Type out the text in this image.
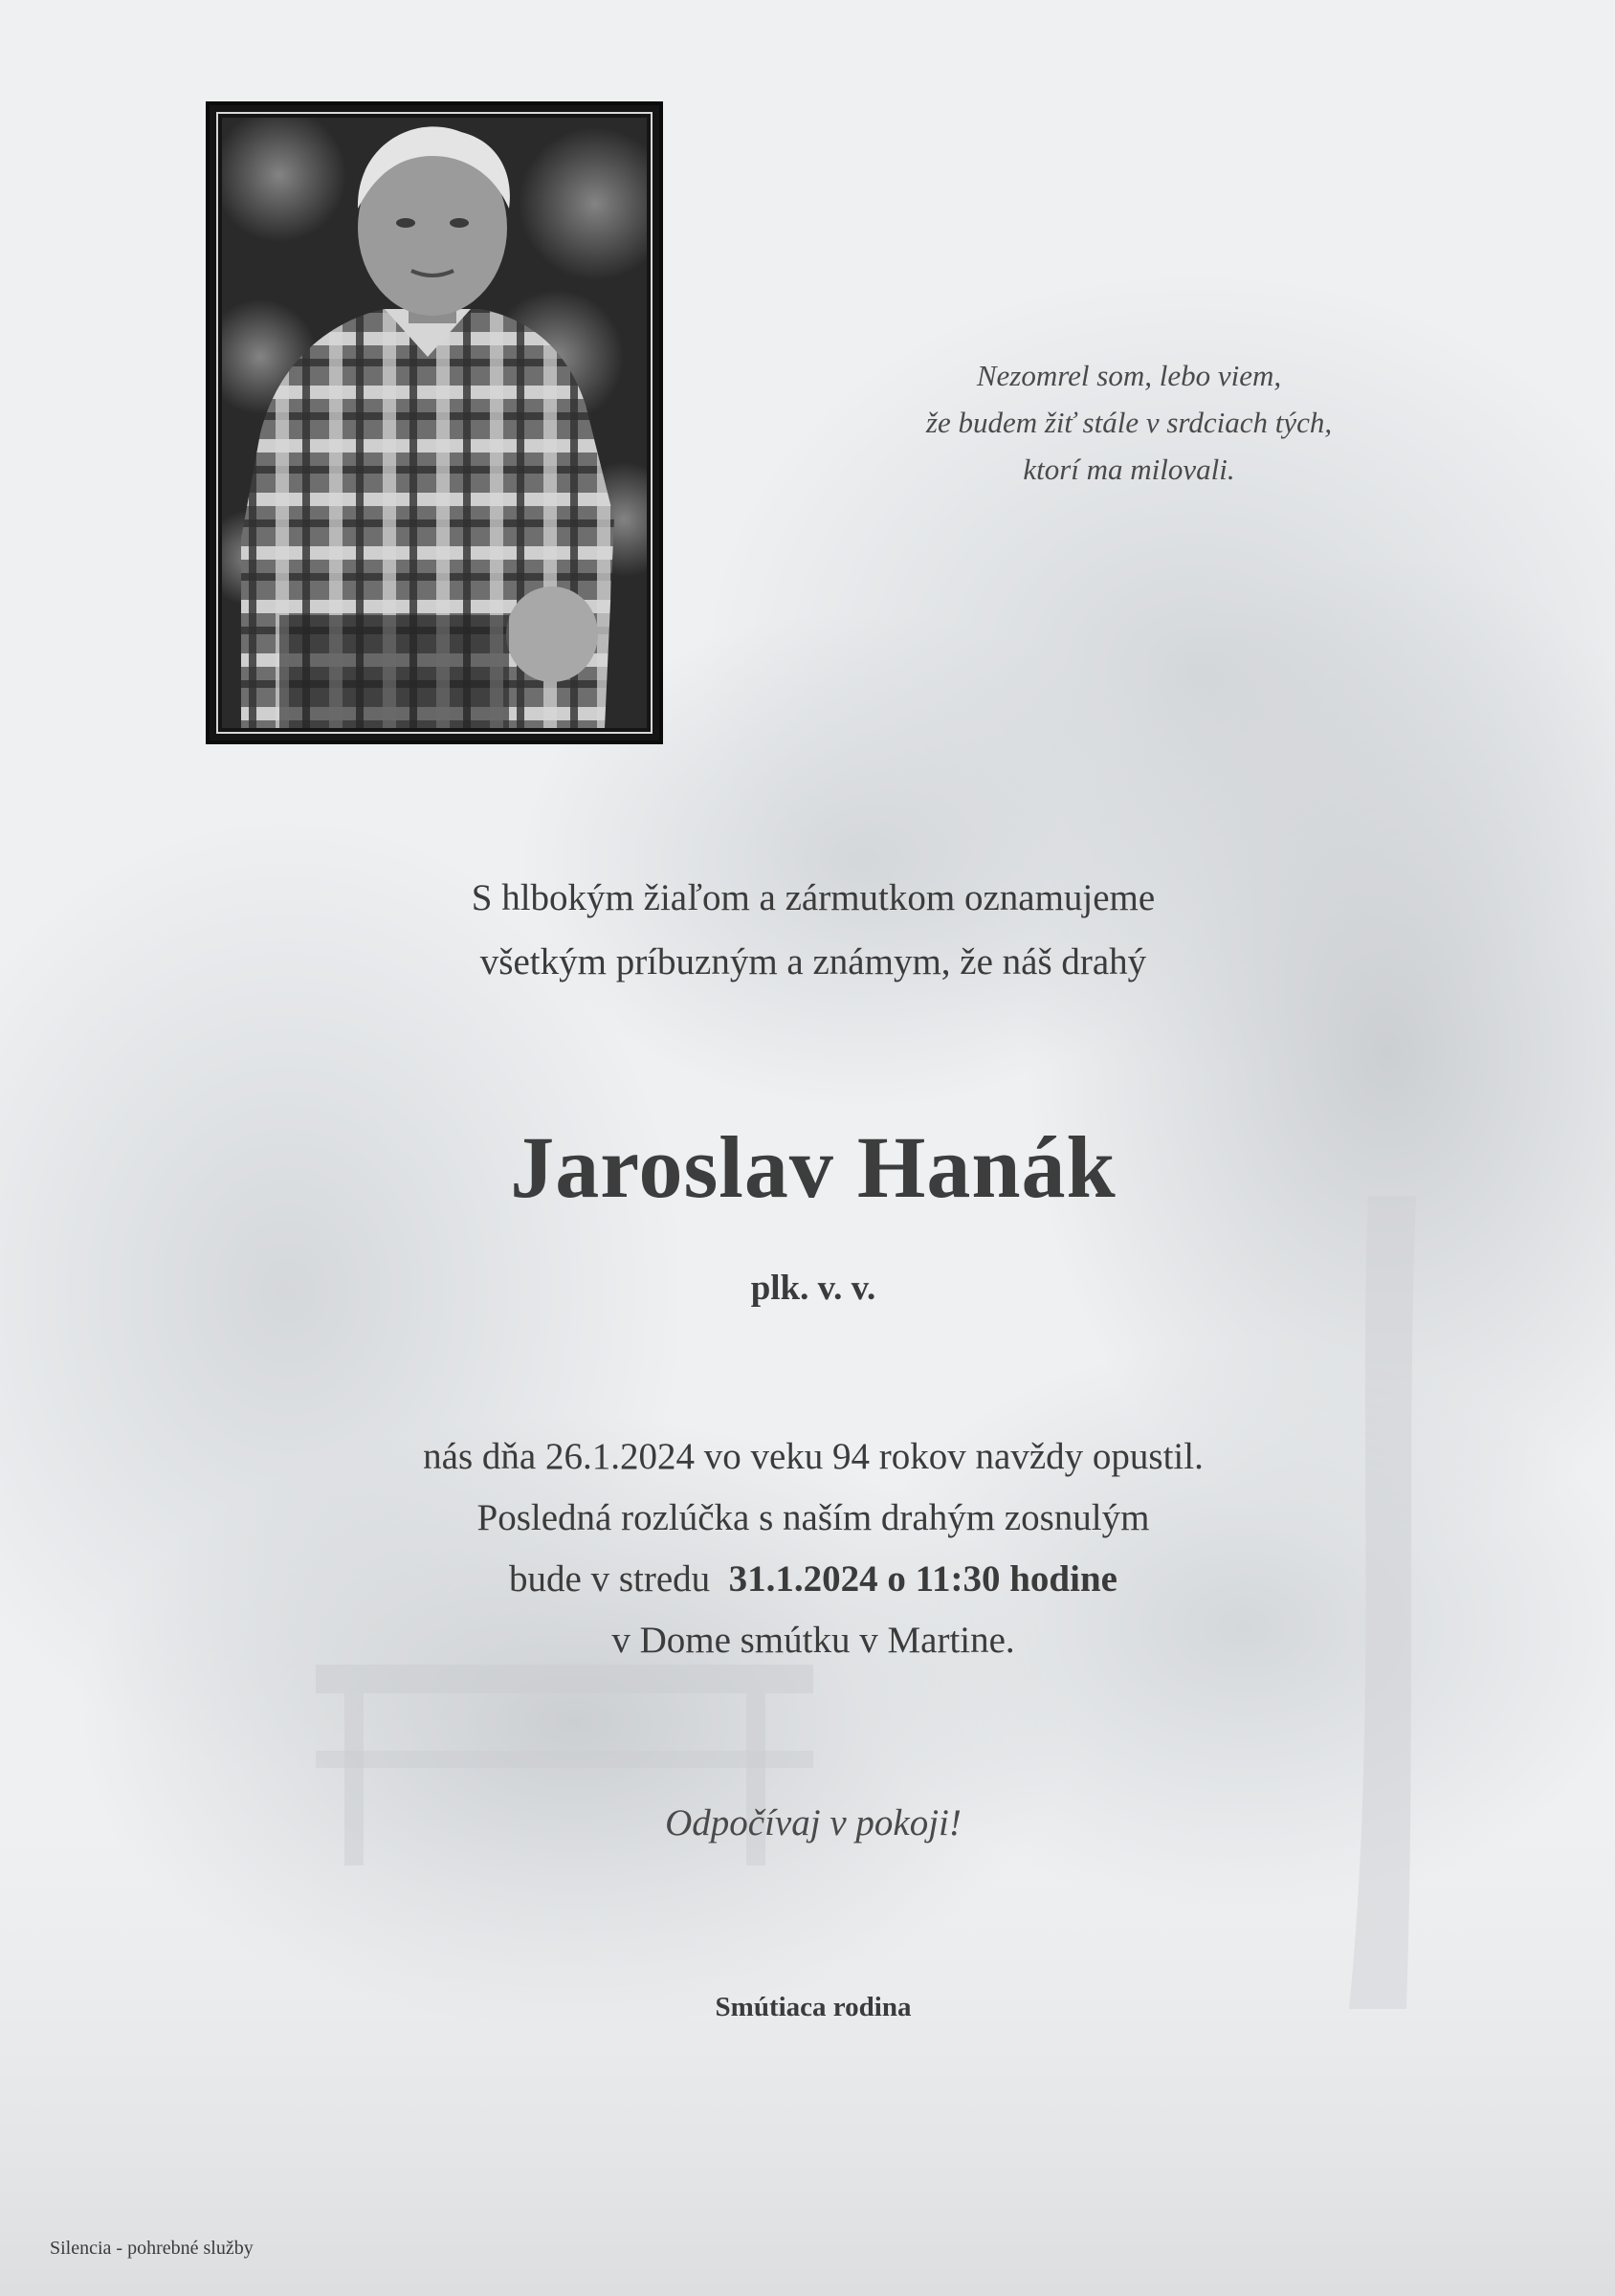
Nezomrel som, lebo viem,
že budem žiť stále v srdciach tých,
ktorí ma milovali.
S hlbokým žiaľom a zármutkom oznamujeme
všetkým príbuzným a známym, že náš drahý
Jaroslav Hanák
plk. v. v.
nás dňa 26.1.2024 vo veku 94 rokov navždy opustil.
Posledná rozlúčka s naším drahým zosnulým
bude v stredu 31.1.2024 o 11:30 hodine
v Dome smútku v Martine.
Odpočívaj v pokoji!
Smútiaca rodina
Silencia - pohrebné služby
